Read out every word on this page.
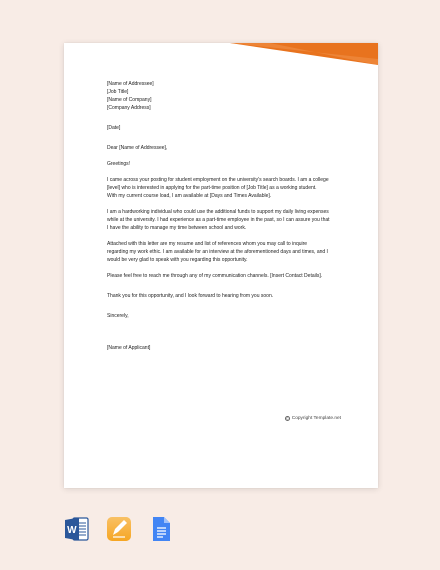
[Name of Addressee]
[Job Title]
[Name of Company]
[Company Address]
[Date]
Dear [Name of Addressee],
Greetings!
I came across your posting for student employment on the university's search boards. I am a college
[level] who is interested in applying for the part-time position of [Job Title] as a working student.
With my current course load, I am available at [Days and Times Available].
I am a hardworking individual who could use the additional funds to support my daily living expenses
while at the university. I had experience as a part-time employee in the past, so I can assure you that
I have the ability to manage my time between school and work.
Attached with this letter are my resume and list of references whom you may call to inquire
regarding my work ethic. I am available for an interview at the aforementioned days and times, and I
would be very glad to speak with you regarding this opportunity.
Please feel free to reach me through any of my communication channels. [Insert Contact Details].
Thank you for this opportunity, and I look forward to hearing from you soon.
Sincerely,
[Name of Applicant]
© Copyright Template.net
W
